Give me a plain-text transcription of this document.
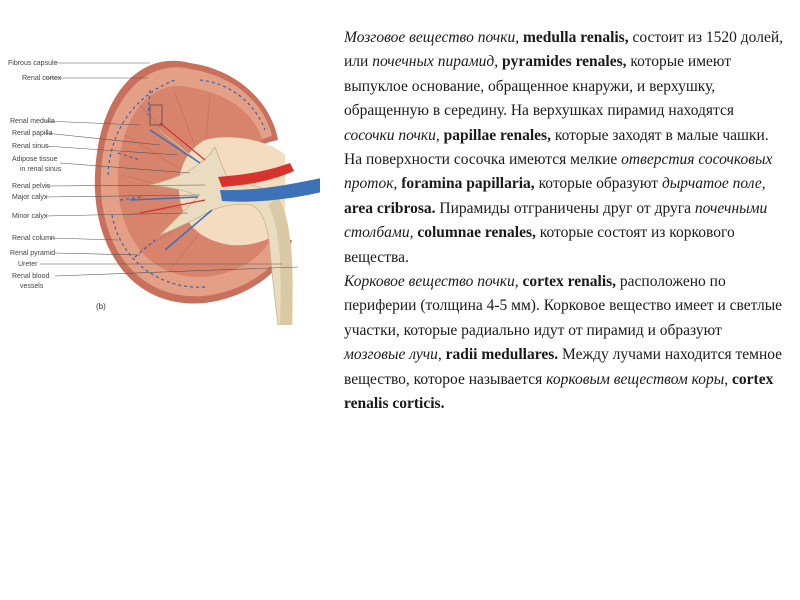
Fibrous capsule
Renal cortex
Renal medulla
Renal papilla
Renal sinus
Adipose tissue
in renal sinus
Renal pelvis
Major calyx
Minor calyx
Renal column
Renal pyramid
Ureter
Renal blood
vessels
(b)

Мозговое вещество почки, medulla renalis, состоит из 1520 долей, или почечных пирамид, pyramides renales, которые имеют выпуклое основание, обращенное кнаружи, и верхушку, обращенную в середину. На верхушках пирамид находятся сосочки почки, papillae renales, которые заходят в малые чашки. На поверхности сосочка имеются мелкие отверстия сосочковых проток, foramina papillaria, которые образуют дырчатое поле, area cribrosa. Пирамиды отграничены друг от друга почечными столбами, columnae renales, которые состоят из коркового вещества.

Корковое вещество почки, cortex renalis, расположено по периферии (толщина 4-5 мм). Корковое вещество имеет и светлые участки, которые радиально идут от пирамид и образуют мозговые лучи, radii medullares. Между лучами находится темное вещество, которое называется корковым веществом коры, cortex renalis corticis.
